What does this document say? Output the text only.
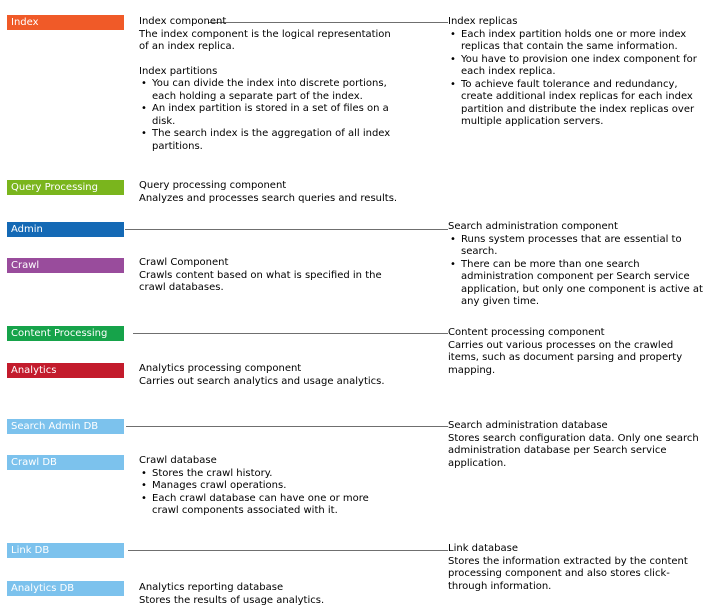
Index
Query Processing
Admin
Crawl
Content Processing
Analytics
Search Admin DB
Crawl DB
Link DB
Analytics DB
Index component
The index component is the logical representation
of an index replica.
Index partitions
• You can divide the index into discrete portions,
each holding a separate part of the index.
• An index partition is stored in a set of files on a
disk.
• The search index is the aggregation of all index
partitions.
Index replicas
• Each index partition holds one or more index
replicas that contain the same information.
• You have to provision one index component for
each index replica.
• To achieve fault tolerance and redundancy,
create additional index replicas for each index
partition and distribute the index replicas over
multiple application servers.
Query processing component
Analyzes and processes search queries and results.
Search administration component
• Runs system processes that are essential to
search.
• There can be more than one search
administration component per Search service
application, but only one component is active at
any given time.
Crawl Component
Crawls content based on what is specified in the
crawl databases.
Content processing component
Carries out various processes on the crawled
items, such as document parsing and property
mapping.
Analytics processing component
Carries out search analytics and usage analytics.
Search administration database
Stores search configuration data. Only one search
administration database per Search service
application.
Crawl database
• Stores the crawl history.
• Manages crawl operations.
• Each crawl database can have one or more
crawl components associated with it.
Link database
Stores the information extracted by the content
processing component and also stores click-
through information.
Analytics reporting database
Stores the results of usage analytics.
